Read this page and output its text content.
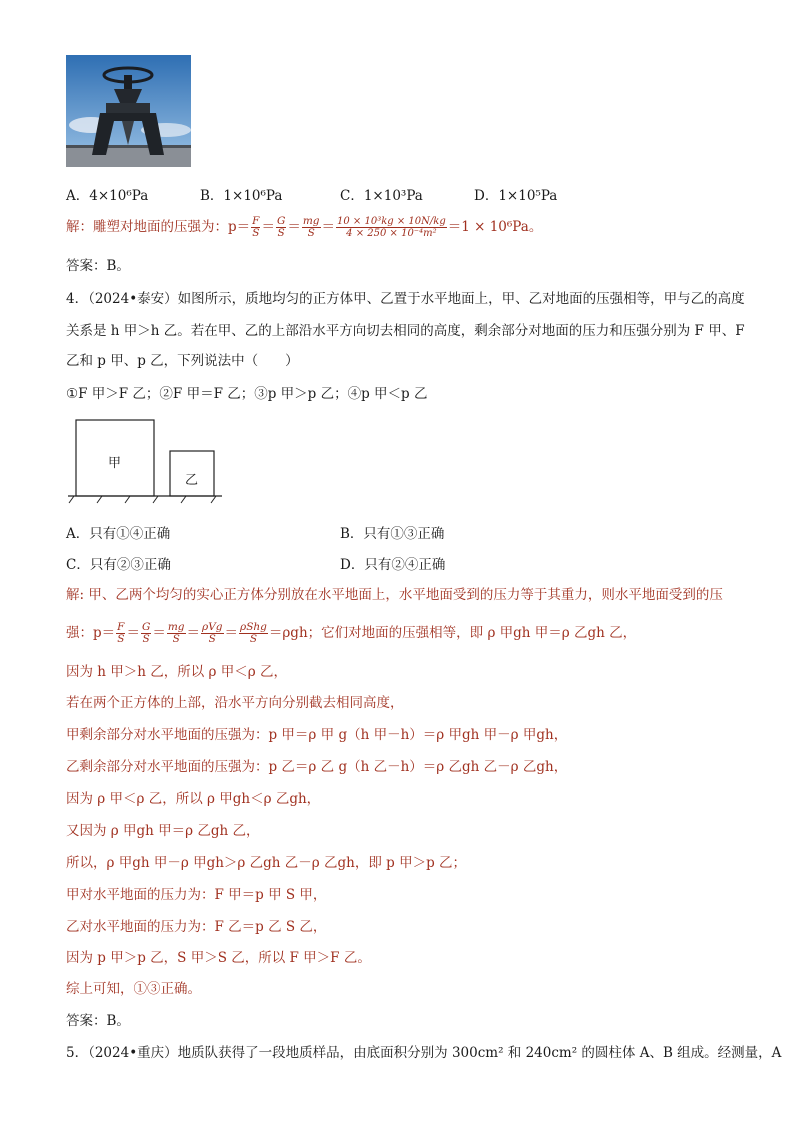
A．4×10⁶Pa	B．1×10⁶Pa	C．1×10³Pa	D．1×10⁵Pa
解：雕塑对地面的压强为：$p= \frac{F}{S} = \frac{G}{S} = \frac{mg}{S} = \frac{\text{10 × 10³kg × 10N/kg}}{\text{4 × 250 × 10⁻⁴m²}} =1 \times 10^6Pa$。
答案：B。
4．（2024•泰安）如图所示，质地均匀的正方体甲、乙置于水平地面上，甲、乙对地面的压强相等，甲与乙的高度
关系是 h 甲＞h 乙。若在甲、乙的上部沿水平方向切去相同的高度，剩余部分对地面的压力和压强分别为 F 甲、F
乙和 p 甲、p 乙，下列说法中（　　）
①F 甲＞F 乙；②F 甲＝F 乙；③p 甲＞p 乙；④p 甲＜p 乙
甲
乙
A．只有①④正确	B．只有①③正确
C．只有②③正确	D．只有②④正确
解: 甲、乙两个均匀的实心正方体分别放在水平地面上，水平地面受到的压力等于其重力，则水平地面受到的压
强：$p= \frac{F}{S} = \frac{G}{S} = \frac{mg}{S} = \rho Vg$
S ＝ ρShg
S ＝ρgh；它们对地面的压强相等，即 ρ 甲gh 甲＝ρ 乙gh 乙，
因为 h 甲＞h 乙，所以 ρ 甲＜ρ 乙，
若在两个正方体的上部，沿水平方向分别截去相同高度，
甲剩余部分对水平地面的压强为：p 甲＝ρ 甲 g（h 甲－h）＝ρ 甲gh 甲－ρ 甲gh，
乙剩余部分对水平地面的压强为：p 乙＝ρ 乙 g（h 乙－h）＝ρ 乙gh 乙－ρ 乙gh，
因为 ρ 甲＜ρ 乙，所以 ρ 甲gh＜ρ 乙gh，
又因为 ρ 甲gh 甲＝ρ 乙gh 乙，
所以，ρ 甲gh 甲－ρ 甲gh＞ρ 乙gh 乙－ρ 乙gh，即 p 甲＞p 乙；
甲对水平地面的压力为：F 甲＝p 甲 S 甲，
乙对水平地面的压力为：F 乙＝p 乙 S 乙，
因为 p 甲＞p 乙，S 甲＞S 乙，所以 F 甲＞F 乙。
综上可知，①③正确。
答案：B。
5．（2024•重庆）地质队获得了一段地质样品，由底面积分别为 300cm² 和 240cm² 的圆柱体 A、B 组成。经测量，A
